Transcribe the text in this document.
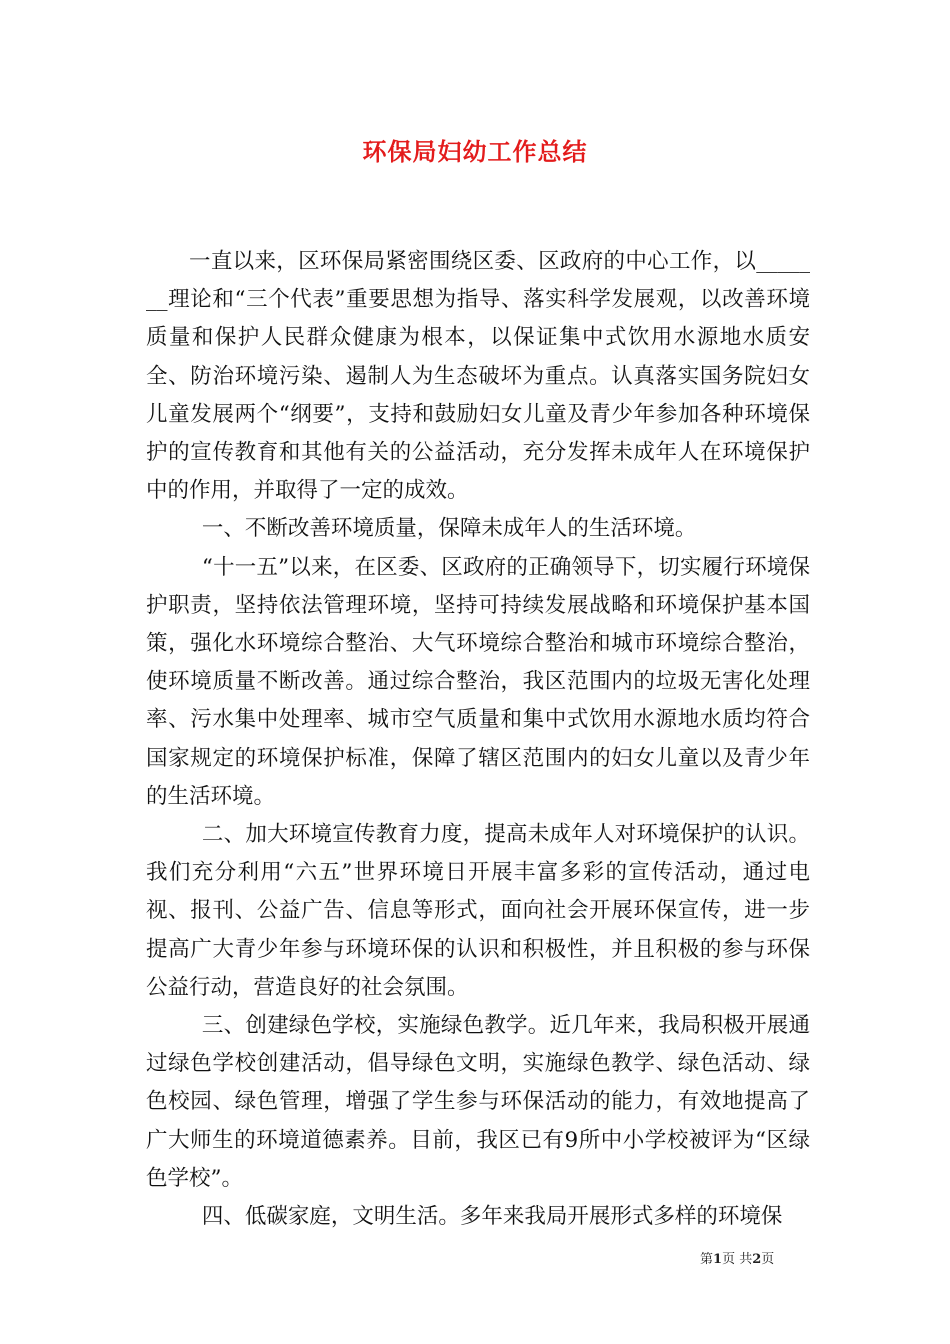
环保局妇幼工作总结

一直以来，区环保局紧密围绕区委、区政府的中心工作，以_______理论和“三个代表”重要思想为指导、落实科学发展观，以改善环境质量和保护人民群众健康为根本，以保证集中式饮用水源地水质安全、防治环境污染、遏制人为生态破坏为重点。认真落实国务院妇女儿童发展两个“纲要”，支持和鼓励妇女儿童及青少年参加各种环境保护的宣传教育和其他有关的公益活动，充分发挥未成年人在环境保护中的作用，并取得了一定的成效。

一、不断改善环境质量，保障未成年人的生活环境。

“十一五”以来，在区委、区政府的正确领导下，切实履行环境保护职责，坚持依法管理环境，坚持可持续发展战略和环境保护基本国策，强化水环境综合整治、大气环境综合整治和城市环境综合整治，使环境质量不断改善。通过综合整治，我区范围内的垃圾无害化处理率、污水集中处理率、城市空气质量和集中式饮用水源地水质均符合国家规定的环境保护标准，保障了辖区范围内的妇女儿童以及青少年的生活环境。

二、加大环境宣传教育力度，提高未成年人对环境保护的认识。我们充分利用“六五”世界环境日开展丰富多彩的宣传活动，通过电视、报刊、公益广告、信息等形式，面向社会开展环保宣传，进一步提高广大青少年参与环境环保的认识和积极性，并且积极的参与环保公益行动，营造良好的社会氛围。

三、创建绿色学校，实施绿色教学。近几年来，我局积极开展通过绿色学校创建活动，倡导绿色文明，实施绿色教学、绿色活动、绿色校园、绿色管理，增强了学生参与环保活动的能力，有效地提高了广大师生的环境道德素养。目前，我区已有9所中小学校被评为“区绿色学校”。

四、低碳家庭，文明生活。多年来我局开展形式多样的环境保

第1页 共2页
